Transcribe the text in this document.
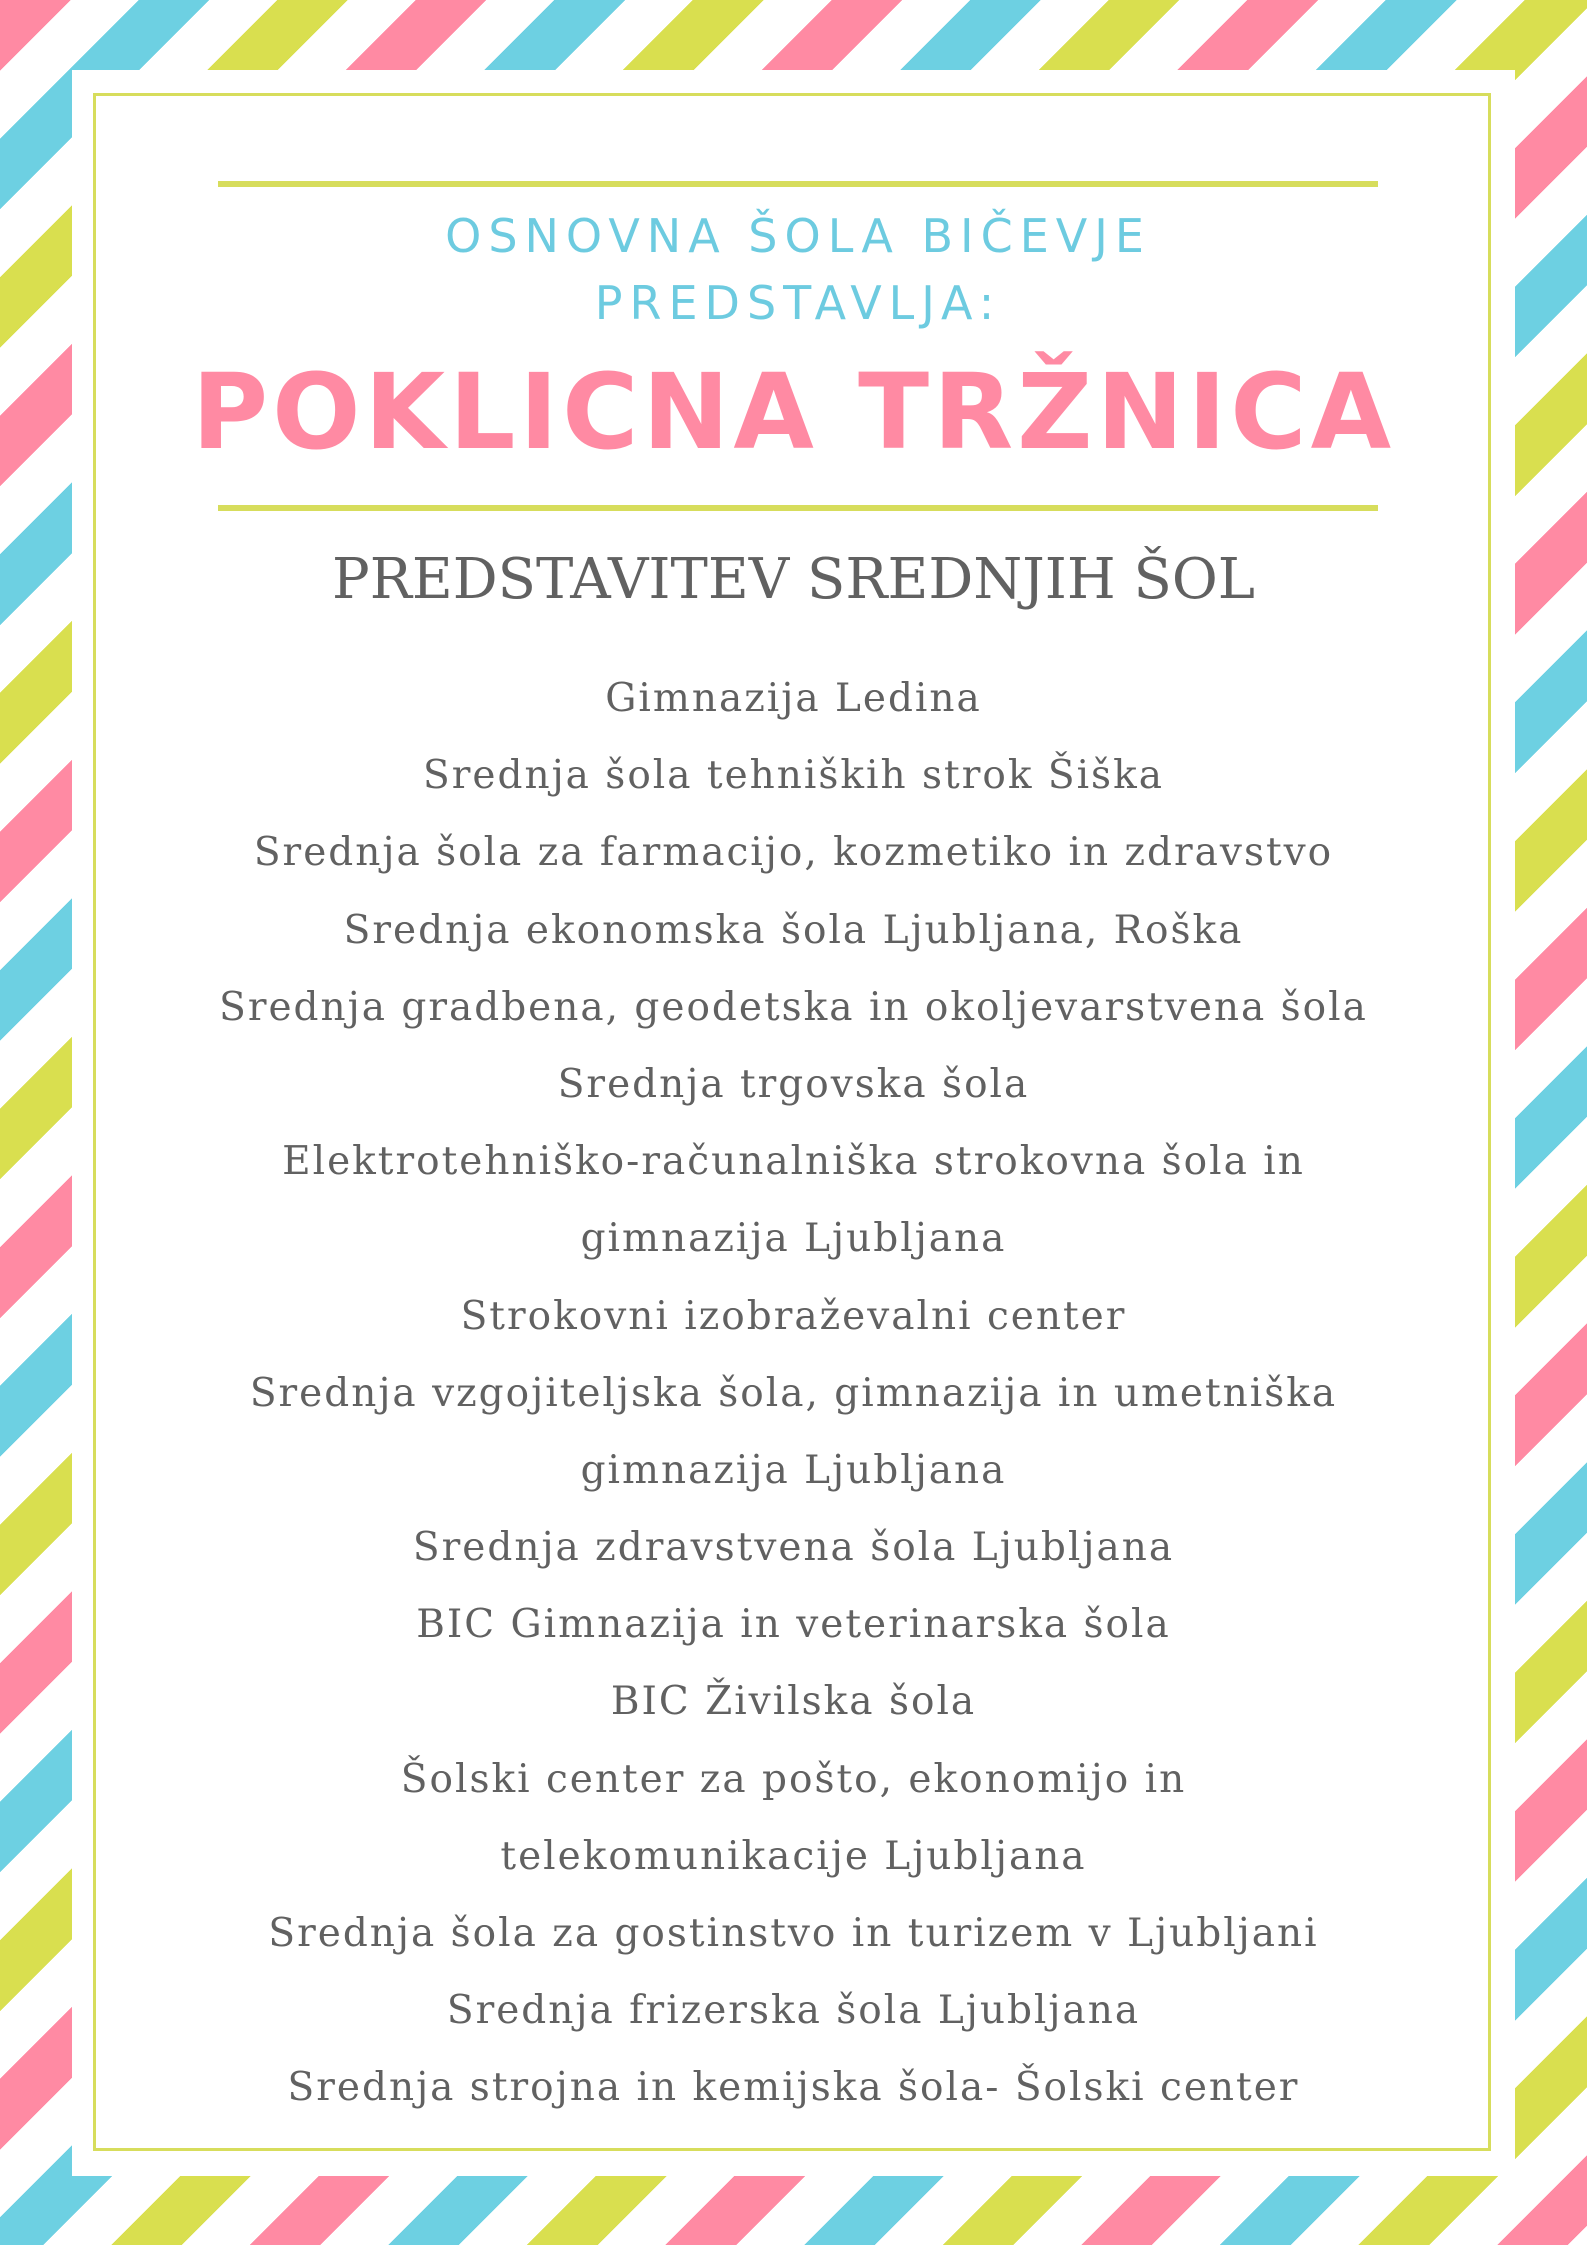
OSNOVNA ŠOLA BIČEVJE
PREDSTAVLJA:
POKLICNA TRŽNICA
PREDSTAVITEV SREDNJIH ŠOL
Gimnazija Ledina
Srednja šola tehniških strok Šiška
Srednja šola za farmacijo, kozmetiko in zdravstvo
Srednja ekonomska šola Ljubljana, Roška
Srednja gradbena, geodetska in okoljevarstvena šola
Srednja trgovska šola
Elektrotehniško-računalniška strokovna šola in
gimnazija Ljubljana
Strokovni izobraževalni center
Srednja vzgojiteljska šola, gimnazija in umetniška
gimnazija Ljubljana
Srednja zdravstvena šola Ljubljana
BIC Gimnazija in veterinarska šola
BIC Živilska šola
Šolski center za pošto, ekonomijo in
telekomunikacije Ljubljana
Srednja šola za gostinstvo in turizem v Ljubljani
Srednja frizerska šola Ljubljana
Srednja strojna in kemijska šola- Šolski center
